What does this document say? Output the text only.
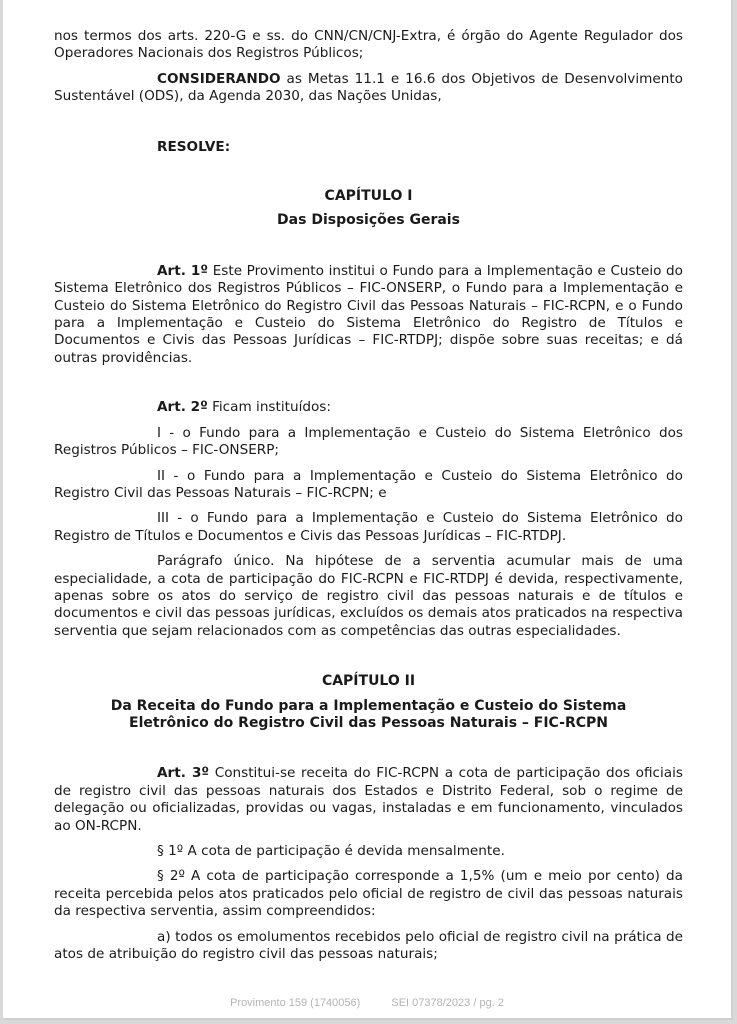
nos termos dos arts. 220-G e ss. do CNN/CN/CNJ-Extra, é órgão do Agente Regulador dos Operadores Nacionais dos Registros Públicos;

CONSIDERANDO as Metas 11.1 e 16.6 dos Objetivos de Desenvolvimento Sustentável (ODS), da Agenda 2030, das Nações Unidas,

RESOLVE:

CAPÍTULO I

Das Disposições Gerais

Art. 1º Este Provimento institui o Fundo para a Implementação e Custeio do Sistema Eletrônico dos Registros Públicos – FIC-ONSERP, o Fundo para a Implementação e Custeio do Sistema Eletrônico do Registro Civil das Pessoas Naturais – FIC-RCPN, e o Fundo para a Implementação e Custeio do Sistema Eletrônico do Registro de Títulos e Documentos e Civis das Pessoas Jurídicas – FIC-RTDPJ; dispõe sobre suas receitas; e dá outras providências.

Art. 2º Ficam instituídos:

I - o Fundo para a Implementação e Custeio do Sistema Eletrônico dos Registros Públicos – FIC-ONSERP;

II - o Fundo para a Implementação e Custeio do Sistema Eletrônico do Registro Civil das Pessoas Naturais – FIC-RCPN; e

III - o Fundo para a Implementação e Custeio do Sistema Eletrônico do Registro de Títulos e Documentos e Civis das Pessoas Jurídicas – FIC-RTDPJ.

Parágrafo único. Na hipótese de a serventia acumular mais de uma especialidade, a cota de participação do FIC-RCPN e FIC-RTDPJ é devida, respectivamente, apenas sobre os atos do serviço de registro civil das pessoas naturais e de títulos e documentos e civil das pessoas jurídicas, excluídos os demais atos praticados na respectiva serventia que sejam relacionados com as competências das outras especialidades.

CAPÍTULO II

Da Receita do Fundo para a Implementação e Custeio do Sistema

Eletrônico do Registro Civil das Pessoas Naturais – FIC-RCPN

Art. 3º Constitui-se receita do FIC-RCPN a cota de participação dos oficiais de registro civil das pessoas naturais dos Estados e Distrito Federal, sob o regime de delegação ou oficializadas, providas ou vagas, instaladas e em funcionamento, vinculados ao ON-RCPN.

§ 1º A cota de participação é devida mensalmente.

§ 2º A cota de participação corresponde a 1,5% (um e meio por cento) da receita percebida pelos atos praticados pelo oficial de registro de civil das pessoas naturais da respectiva serventia, assim compreendidos:

a) todos os emolumentos recebidos pelo oficial de registro civil na prática de atos de atribuição do registro civil das pessoas naturais;

Provimento 159 (1740056)	SEI 07378/2023 / pg. 2
